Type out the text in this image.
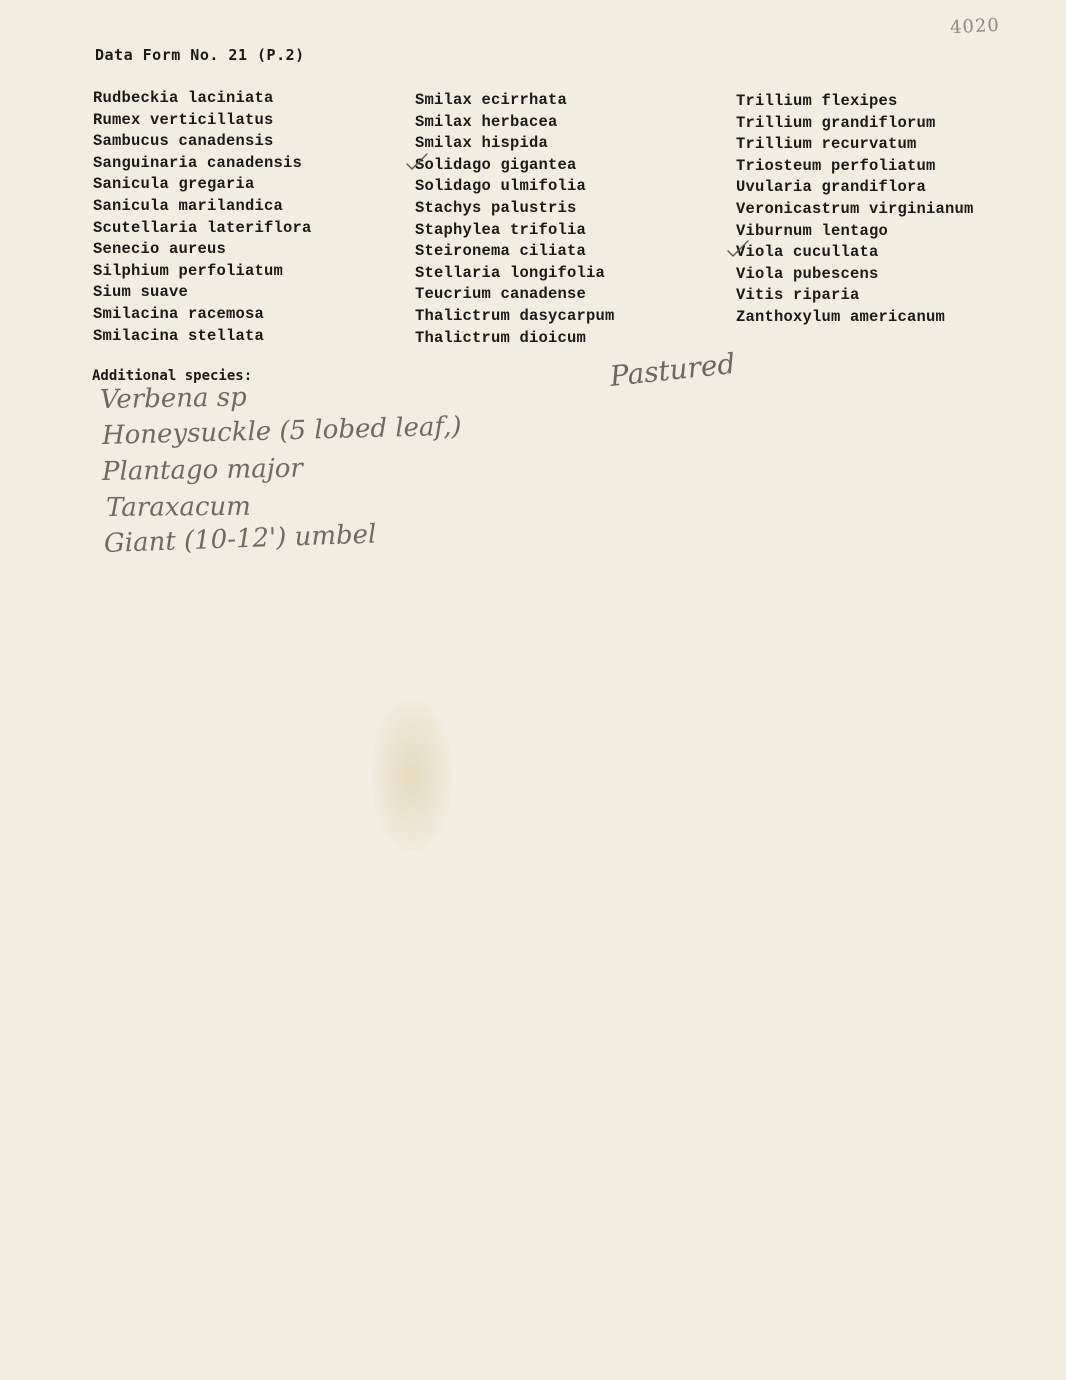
4020
Data Form No. 21 (P.2)
Rudbeckia laciniata
Rumex verticillatus
Sambucus canadensis
Sanguinaria canadensis
Sanicula gregaria
Sanicula marilandica
Scutellaria lateriflora
Senecio aureus
Silphium perfoliatum
Sium suave
Smilacina racemosa
Smilacina stellata
Smilax ecirrhata
Smilax herbacea
Smilax hispida
Solidago gigantea
Solidago ulmifolia
Stachys palustris
Staphylea trifolia
Steironema ciliata
Stellaria longifolia
Teucrium canadense
Thalictrum dasycarpum
Thalictrum dioicum
Trillium flexipes
Trillium grandiflorum
Trillium recurvatum
Triosteum perfoliatum
Uvularia grandiflora
Veronicastrum virginianum
Viburnum lentago
Viola cucullata
Viola pubescens
Vitis riparia
Zanthoxylum americanum
Additional species:	Pastured
Verbena sp
Honeysuckle (5 lobed leaf,)
Plantago major
Taraxacum
Giant (10-12') umbel
